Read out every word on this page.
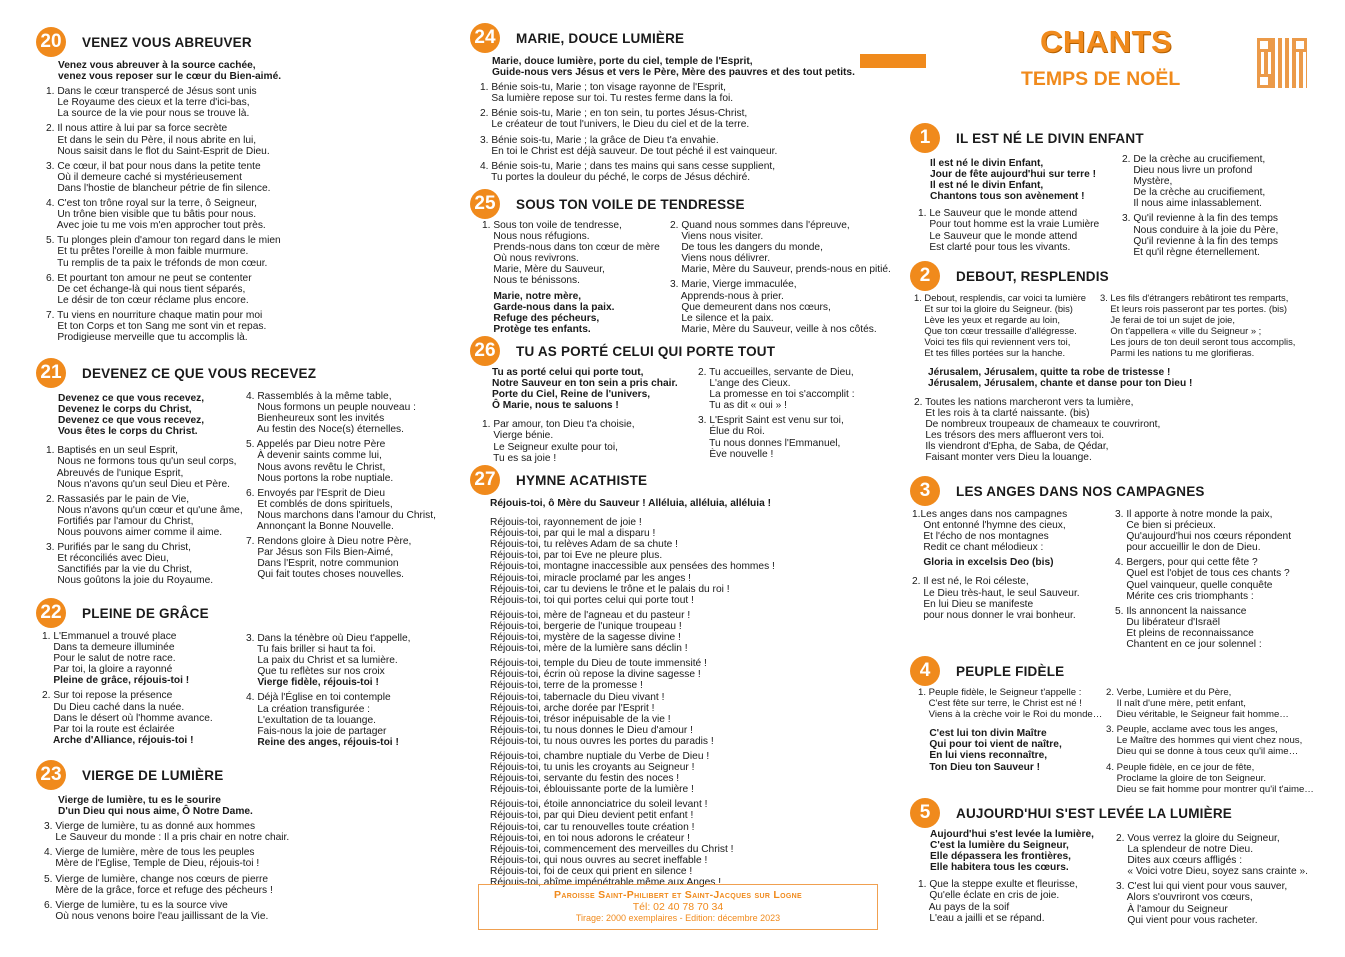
20	VENEZ VOUS ABREUVER
Venez vous abreuver à la source cachée,
venez vous reposer sur le cœur du Bien-aimé.
1. Dans le cœur transpercé de Jésus sont unis
Le Royaume des cieux et la terre d'ici-bas,
La source de la vie pour nous se trouve là.
2. Il nous attire à lui par sa force secrète
Et dans le sein du Père, il nous abrite en lui,
Nous saisit dans le flot du Saint-Esprit de Dieu.
3. Ce cœur, il bat pour nous dans la petite tente
Où il demeure caché si mystérieusement
Dans l'hostie de blancheur pétrie de fin silence.
4. C'est ton trône royal sur la terre, ô Seigneur,
Un trône bien visible que tu bâtis pour nous.
Avec joie tu me vois m'en approcher tout près.
5. Tu plonges plein d'amour ton regard dans le mien
Et tu prêtes l'oreille à mon faible murmure.
Tu remplis de ta paix le tréfonds de mon cœur.
6. Et pourtant ton amour ne peut se contenter
De cet échange-là qui nous tient séparés,
Le désir de ton cœur réclame plus encore.
7. Tu viens en nourriture chaque matin pour moi
Et ton Corps et ton Sang me sont vin et repas.
Prodigieuse merveille que tu accomplis là.
21	DEVENEZ CE QUE VOUS RECEVEZ
Devenez ce que vous recevez,
Devenez le corps du Christ,
Devenez ce que vous recevez,
Vous êtes le corps du Christ.
1. Baptisés en un seul Esprit,
Nous ne formons tous qu'un seul corps,
Abreuvés de l'unique Esprit,
Nous n'avons qu'un seul Dieu et Père.
2. Rassasiés par le pain de Vie,
Nous n'avons qu'un cœur et qu'une âme,
Fortifiés par l'amour du Christ,
Nous pouvons aimer comme il aime.
3. Purifiés par le sang du Christ,
Et réconciliés avec Dieu,
Sanctifiés par la vie du Christ,
Nous goûtons la joie du Royaume.
4. Rassemblés à la même table,
Nous formons un peuple nouveau :
Bienheureux sont les invités
Au festin des Noce(s) éternelles.
5. Appelés par Dieu notre Père
À devenir saints comme lui,
Nous avons revêtu le Christ,
Nous portons la robe nuptiale.
6. Envoyés par l'Esprit de Dieu
Et comblés de dons spirituels,
Nous marchons dans l'amour du Christ,
Annonçant la Bonne Nouvelle.
7. Rendons gloire à Dieu notre Père,
Par Jésus son Fils Bien-Aimé,
Dans l'Esprit, notre communion
Qui fait toutes choses nouvelles.
22	PLEINE DE GRÂCE
1. L'Emmanuel a trouvé place
Dans ta demeure illuminée
Pour le salut de notre race.
Par toi, la gloire a rayonné
Pleine de grâce, réjouis-toi !
2. Sur toi repose la présence
Du Dieu caché dans la nuée.
Dans le désert où l'homme avance.
Par toi la route est éclairée
Arche d'Alliance, réjouis-toi !
3. Dans la ténèbre où Dieu t'appelle,
Tu fais briller si haut ta foi.
La paix du Christ et sa lumière.
Que tu reflètes sur nos croix
Vierge fidèle, réjouis-toi !
4. Déjà l'Église en toi contemple
La création transfigurée :
L'exultation de ta louange.
Fais-nous la joie de partager
Reine des anges, réjouis-toi !
23	VIERGE DE LUMIÈRE
Vierge de lumière, tu es le sourire
D'un Dieu qui nous aime, Ô Notre Dame.
3. Vierge de lumière, tu as donné aux hommes
Le Sauveur du monde : Il a pris chair en notre chair.
4. Vierge de lumière, mère de tous les peuples
Mère de l'Eglise, Temple de Dieu, réjouis-toi !
5. Vierge de lumière, change nos cœurs de pierre
Mère de la grâce, force et refuge des pécheurs !
6. Vierge de lumière, tu es la source vive
Où nous venons boire l'eau jaillissant de la Vie.
24	MARIE, DOUCE LUMIÈRE
Marie, douce lumière, porte du ciel, temple de l'Esprit,
Guide-nous vers Jésus et vers le Père, Mère des pauvres et des tout petits.
1. Bénie sois-tu, Marie ; ton visage rayonne de l'Esprit,
Sa lumière repose sur toi. Tu restes ferme dans la foi.
2. Bénie sois-tu, Marie ; en ton sein, tu portes Jésus-Christ,
Le créateur de tout l'univers, le Dieu du ciel et de la terre.
3. Bénie sois-tu, Marie ; la grâce de Dieu t'a envahie.
En toi le Christ est déjà sauveur. De tout péché il est vainqueur.
4. Bénie sois-tu, Marie ; dans tes mains qui sans cesse supplient,
Tu portes la douleur du péché, le corps de Jésus déchiré.
25	SOUS TON VOILE DE TENDRESSE
1. Sous ton voile de tendresse,
Nous nous réfugions.
Prends-nous dans ton cœur de mère
Où nous revivrons.
Marie, Mère du Sauveur,
Nous te bénissons.
Marie, notre mère,
Garde-nous dans la paix.
Refuge des pécheurs,
Protège tes enfants.
2. Quand nous sommes dans l'épreuve,
Viens nous visiter.
De tous les dangers du monde,
Viens nous délivrer.
Marie, Mère du Sauveur, prends-nous en pitié.
3. Marie, Vierge immaculée,
Apprends-nous à prier.
Que demeurent dans nos cœurs,
Le silence et la paix.
Marie, Mère du Sauveur, veille à nos côtés.
26	TU AS PORTÉ CELUI QUI PORTE TOUT
Tu as porté celui qui porte tout,
Notre Sauveur en ton sein a pris chair.
Porte du Ciel, Reine de l'univers,
Ô Marie, nous te saluons !
1. Par amour, ton Dieu t'a choisie,
Vierge bénie.
Le Seigneur exulte pour toi,
Tu es sa joie !
2. Tu accueilles, servante de Dieu,
L'ange des Cieux.
La promesse en toi s'accomplit :
Tu as dit « oui » !
3. L'Esprit Saint est venu sur toi,
Élue du Roi.
Tu nous donnes l'Emmanuel,
Ève nouvelle !
27	HYMNE ACATHISTE
Réjouis-toi, ô Mère du Sauveur ! Alléluia, alléluia, alléluia !
Réjouis-toi, rayonnement de joie !
Réjouis-toi, par qui le mal a disparu !
Réjouis-toi, tu relèves Adam de sa chute !
Réjouis-toi, par toi Eve ne pleure plus.
Réjouis-toi, montagne inaccessible aux pensées des hommes !
Réjouis-toi, miracle proclamé par les anges !
Réjouis-toi, car tu deviens le trône et le palais du roi !
Réjouis-toi, toi qui portes celui qui porte tout !
Réjouis-toi, mère de l'agneau et du pasteur !
Réjouis-toi, bergerie de l'unique troupeau !
Réjouis-toi, mystère de la sagesse divine !
Réjouis-toi, mère de la lumière sans déclin !
Réjouis-toi, temple du Dieu de toute immensité !
Réjouis-toi, écrin où repose la divine sagesse !
Réjouis-toi, terre de la promesse !
Réjouis-toi, tabernacle du Dieu vivant !
Réjouis-toi, arche dorée par l'Esprit !
Réjouis-toi, trésor inépuisable de la vie !
Réjouis-toi, tu nous donnes le Dieu d'amour !
Réjouis-toi, tu nous ouvres les portes du paradis !
Réjouis-toi, chambre nuptiale du Verbe de Dieu !
Réjouis-toi, tu unis les croyants au Seigneur !
Réjouis-toi, servante du festin des noces !
Réjouis-toi, éblouissante porte de la lumière !
Réjouis-toi, étoile annonciatrice du soleil levant !
Réjouis-toi, par qui Dieu devient petit enfant !
Réjouis-toi, car tu renouvelles toute création !
Réjouis-toi, en toi nous adorons le créateur !
Réjouis-toi, commencement des merveilles du Christ !
Réjouis-toi, qui nous ouvres au secret ineffable !
Réjouis-toi, foi de ceux qui prient en silence !
Réjouis-toi, abîme impénétrable même aux Anges !
Paroisse Saint-Philibert et Saint-Jacques sur Logne
Tél: 02 40 78 70 34
Tirage: 2000 exemplaires - Edition: décembre 2023
CHANTS
TEMPS DE NOËL
1	IL EST NÉ LE DIVIN ENFANT
Il est né le divin Enfant,
Jour de fête aujourd'hui sur terre !
Il est né le divin Enfant,
Chantons tous son avènement !
1. Le Sauveur que le monde attend
Pour tout homme est la vraie Lumière
Le Sauveur que le monde attend
Est clarté pour tous les vivants.
2. De la crèche au crucifiement,
Dieu nous livre un profond
Mystère,
De la crèche au crucifiement,
Il nous aime inlassablement.
3. Qu'il revienne à la fin des temps
Nous conduire à la joie du Père,
Qu'il revienne à la fin des temps
Et qu'il règne éternellement.
2	DEBOUT, RESPLENDIS
1. Debout, resplendis, car voici ta lumière
Et sur toi la gloire du Seigneur. (bis)
Lève les yeux et regarde au loin,
Que ton cœur tressaille d'allégresse.
Voici tes fils qui reviennent vers toi,
Et tes filles portées sur la hanche.
3. Les fils d'étrangers rebâtiront tes remparts,
Et leurs rois passeront par tes portes. (bis)
Je ferai de toi un sujet de joie,
On t'appellera « ville du Seigneur » ;
Les jours de ton deuil seront tous accomplis,
Parmi les nations tu me glorifieras.
Jérusalem, Jérusalem, quitte ta robe de tristesse !
Jérusalem, Jérusalem, chante et danse pour ton Dieu !
2. Toutes les nations marcheront vers ta lumière,
Et les rois à ta clarté naissante. (bis)
De nombreux troupeaux de chameaux te couvriront,
Les trésors des mers afflueront vers toi.
Ils viendront d'Epha, de Saba, de Qédar,
Faisant monter vers Dieu la louange.
3	LES ANGES DANS NOS CAMPAGNES
1.Les anges dans nos campagnes
Ont entonné l'hymne des cieux,
Et l'écho de nos montagnes
Redit ce chant mélodieux :
Gloria in excelsis Deo (bis)
2. Il est né, le Roi céleste,
Le Dieu très-haut, le seul Sauveur.
En lui Dieu se manifeste
pour nous donner le vrai bonheur.
3. Il apporte à notre monde la paix,
Ce bien si précieux.
Qu'aujourd'hui nos cœurs répondent
pour accueillir le don de Dieu.
4. Bergers, pour qui cette fête ?
Quel est l'objet de tous ces chants ?
Quel vainqueur, quelle conquête
Mérite ces cris triomphants :
5. Ils annoncent la naissance
Du libérateur d'Israël
Et pleins de reconnaissance
Chantent en ce jour solennel :
4	PEUPLE FIDÈLE
1. Peuple fidèle, le Seigneur t'appelle :
C'est fête sur terre, le Christ est né !
Viens à la crèche voir le Roi du monde…
C'est lui ton divin Maître
Qui pour toi vient de naître,
En lui viens reconnaître,
Ton Dieu ton Sauveur !
2. Verbe, Lumière et du Père,
Il naît d'une mère, petit enfant,
Dieu véritable, le Seigneur fait homme…
3. Peuple, acclame avec tous les anges,
Le Maître des hommes qui vient chez nous,
Dieu qui se donne à tous ceux qu'il aime…
4. Peuple fidèle, en ce jour de fête,
Proclame la gloire de ton Seigneur.
Dieu se fait homme pour montrer qu'il t'aime…
5	AUJOURD'HUI S'EST LEVÉE LA LUMIÈRE
Aujourd'hui s'est levée la lumière,
C'est la lumière du Seigneur,
Elle dépassera les frontières,
Elle habitera tous les cœurs.
1. Que la steppe exulte et fleurisse,
Qu'elle éclate en cris de joie.
Au pays de la soif
L'eau a jailli et se répand.
2. Vous verrez la gloire du Seigneur,
La splendeur de notre Dieu.
Dites aux cœurs affligés :
« Voici votre Dieu, soyez sans crainte ».
3. C'est lui qui vient pour vous sauver,
Alors s'ouvriront vos cœurs,
À l'amour du Seigneur
Qui vient pour vous racheter.
